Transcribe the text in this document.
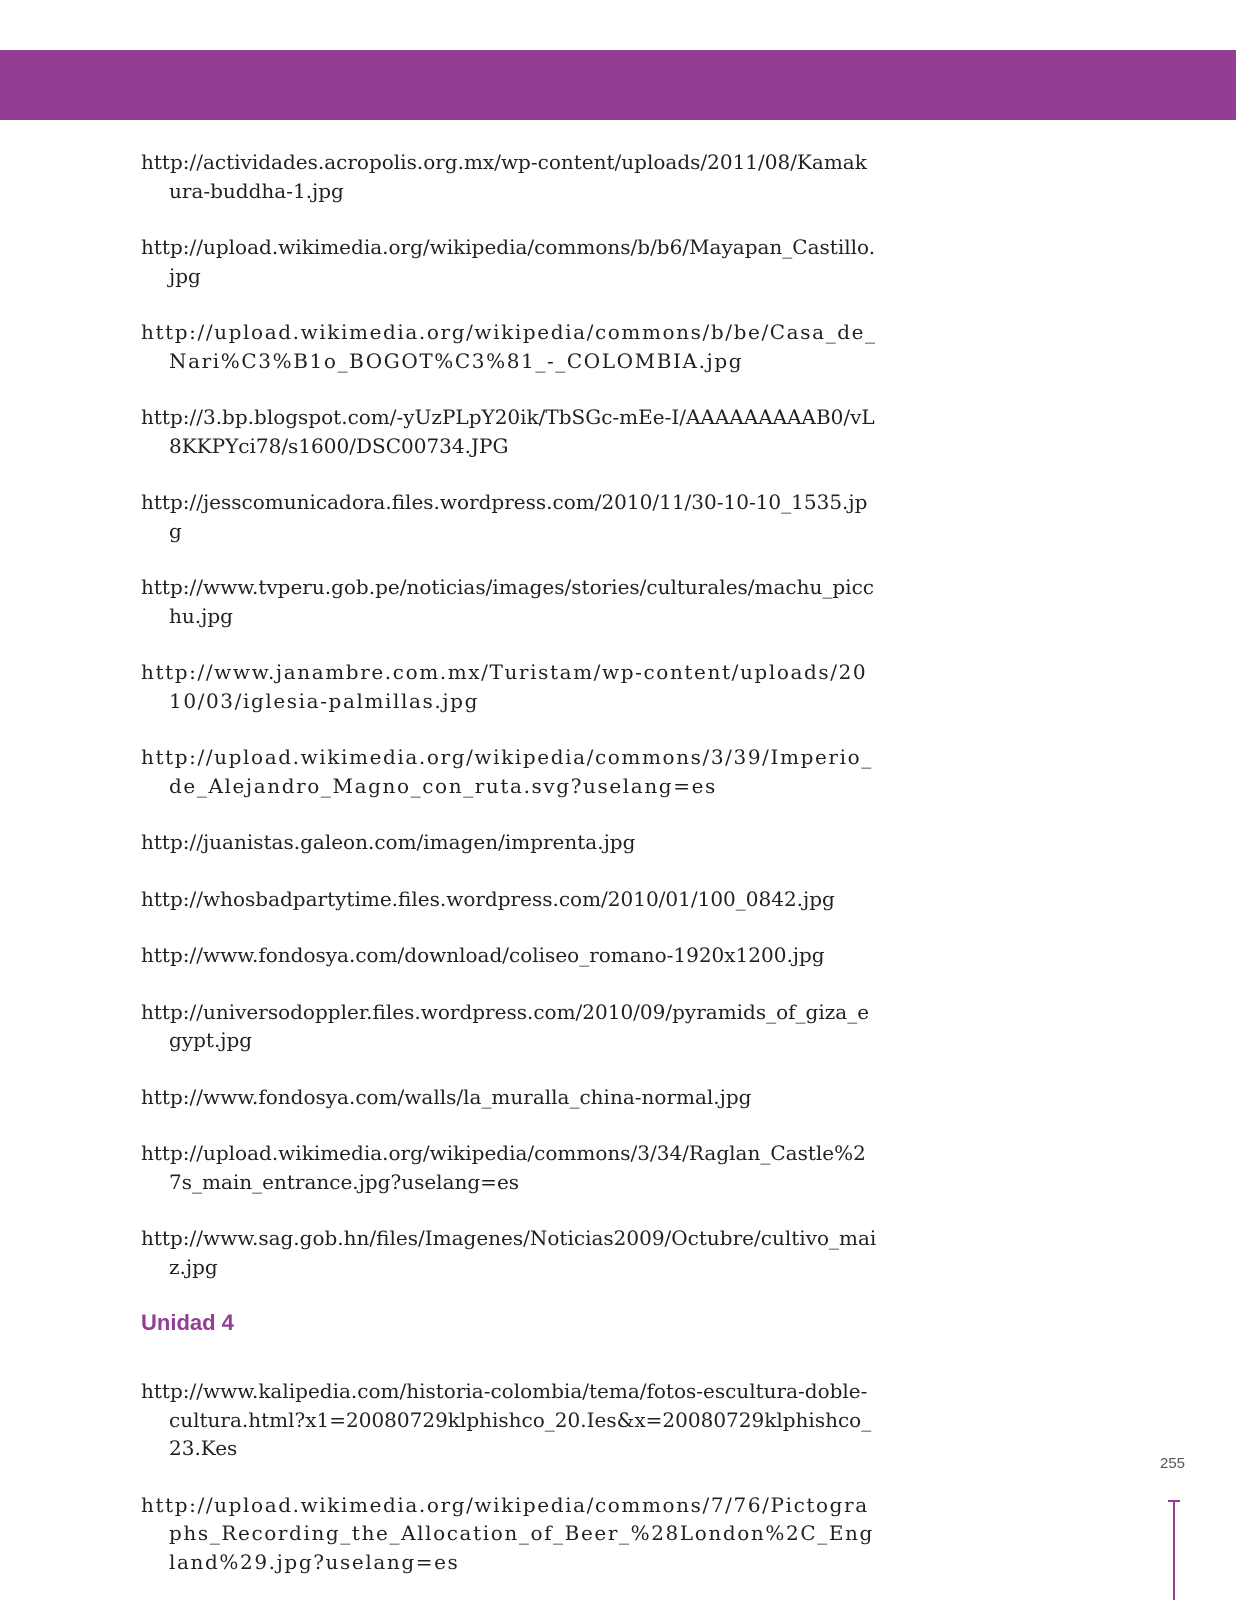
http://actividades.acropolis.org.mx/wp-content/uploads/2011/08/Kamakura-buddha-1.jpg
http://upload.wikimedia.org/wikipedia/commons/b/b6/Mayapan_Castillo.jpg
http://upload.wikimedia.org/wikipedia/commons/b/be/Casa_de_Nari%C3%B1o_BOGOT%C3%81_-_COLOMBIA.jpg
http://3.bp.blogspot.com/-yUzPLpY20ik/TbSGc-mEe-I/AAAAAAAAAB0/vL8KKPYci78/s1600/DSC00734.JPG
http://jesscomunicadora.files.wordpress.com/2010/11/30-10-10_1535.jpg
http://www.tvperu.gob.pe/noticias/images/stories/culturales/machu_picchu.jpg
http://www.janambre.com.mx/Turistam/wp-content/uploads/2010/03/iglesia-palmillas.jpg
http://upload.wikimedia.org/wikipedia/commons/3/39/Imperio_de_Alejandro_Magno_con_ruta.svg?uselang=es
http://juanistas.galeon.com/imagen/imprenta.jpg
http://whosbadpartytime.files.wordpress.com/2010/01/100_0842.jpg
http://www.fondosya.com/download/coliseo_romano-1920x1200.jpg
http://universodoppler.files.wordpress.com/2010/09/pyramids_of_giza_egypt.jpg
http://www.fondosya.com/walls/la_muralla_china-normal.jpg
http://upload.wikimedia.org/wikipedia/commons/3/34/Raglan_Castle%27s_main_entrance.jpg?uselang=es
http://www.sag.gob.hn/files/Imagenes/Noticias2009/Octubre/cultivo_maiz.jpg
Unidad 4
http://www.kalipedia.com/historia-colombia/tema/fotos-escultura-doble-cultura.html?x1=20080729klphishco_20.Ies&x=20080729klphishco_23.Kes
http://upload.wikimedia.org/wikipedia/commons/7/76/Pictographs_Recording_the_Allocation_of_Beer_%28London%2C_England%29.jpg?uselang=es
255
